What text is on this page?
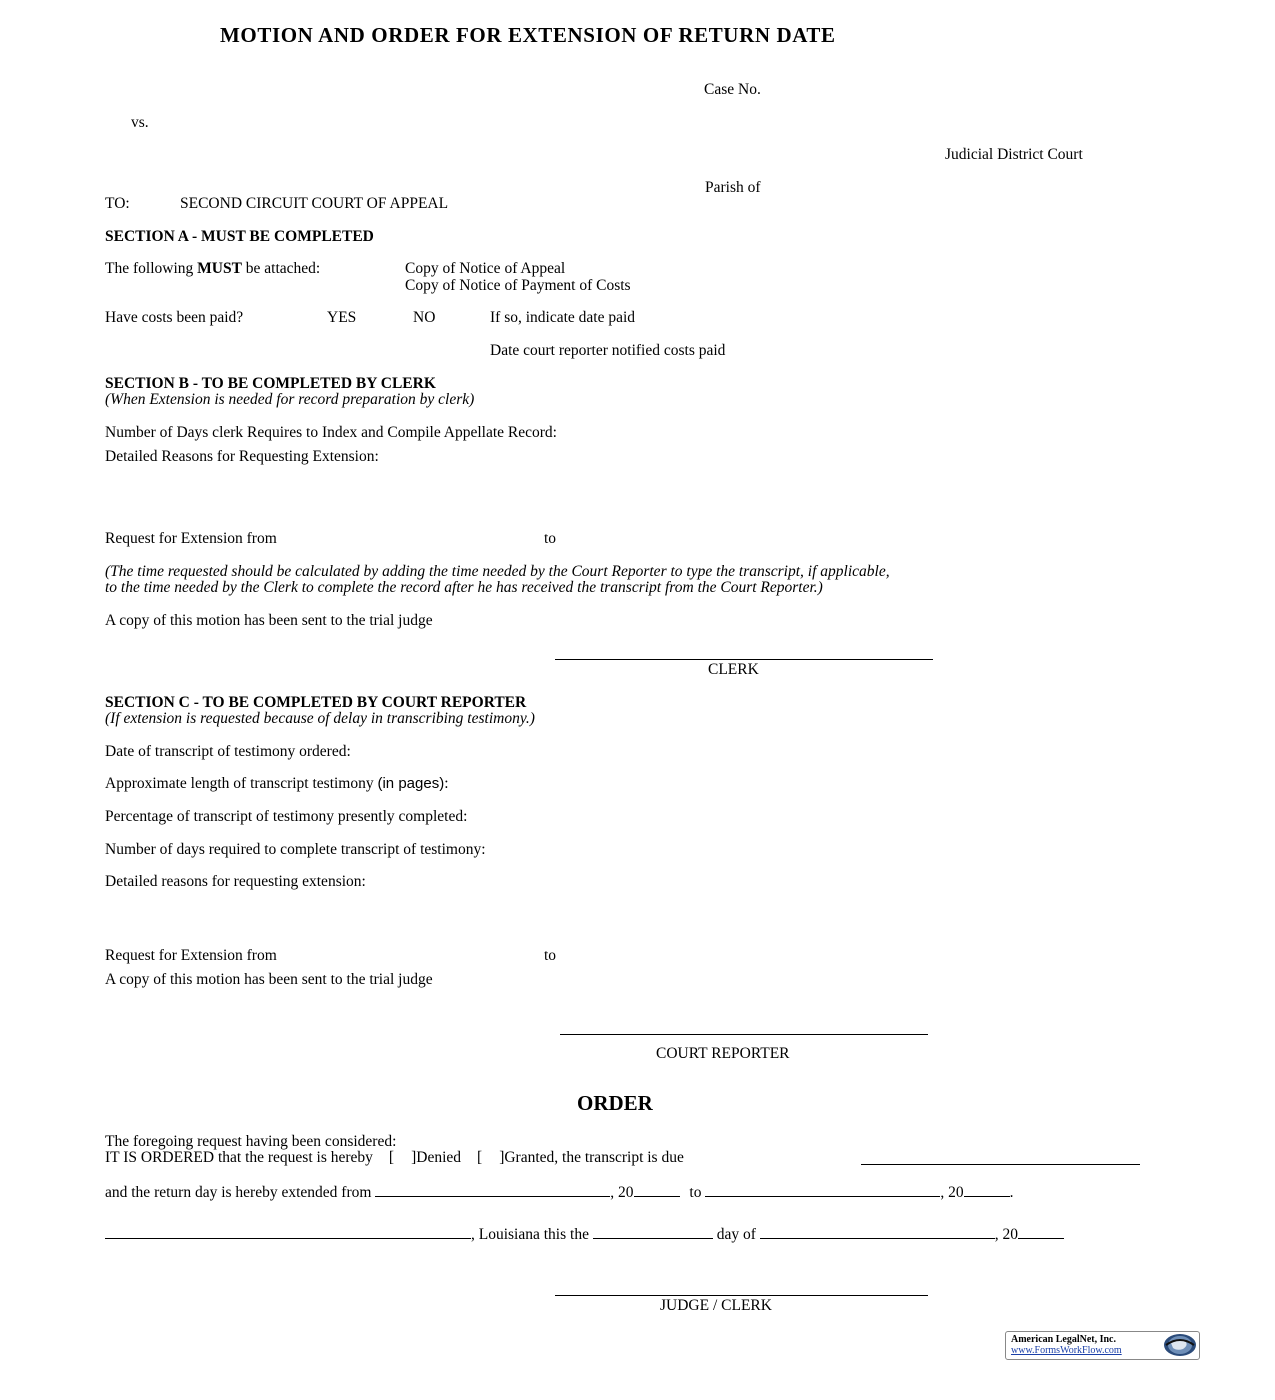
MOTION AND ORDER FOR EXTENSION OF RETURN DATE
Case No.
vs.
Judicial District Court
Parish of
TO:	SECOND CIRCUIT COURT OF APPEAL
SECTION A - MUST BE COMPLETED
The following MUST be attached:	Copy of Notice of Appeal
Copy of Notice of Payment of Costs
Have costs been paid?	YES	NO	If so, indicate date paid
Date court reporter notified costs paid
SECTION B - TO BE COMPLETED BY CLERK
(When Extension is needed for record preparation by clerk)
Number of Days clerk Requires to Index and Compile Appellate Record:
Detailed Reasons for Requesting Extension:
Request for Extension from	to
(The time requested should be calculated by adding the time needed by the Court Reporter to type the transcript, if applicable,
to the time needed by the Clerk to complete the record after he has received the transcript from the Court Reporter.)
A copy of this motion has been sent to the trial judge
CLERK
SECTION C - TO BE COMPLETED BY COURT REPORTER
(If extension is requested because of delay in transcribing testimony.)
Date of transcript of testimony ordered:
Approximate length of transcript testimony (in pages):
Percentage of transcript of testimony presently completed:
Number of days required to complete transcript of testimony:
Detailed reasons for requesting extension:
Request for Extension from	to
A copy of this motion has been sent to the trial judge
COURT REPORTER
ORDER
The foregoing request having been considered:
IT IS ORDERED that the request is hereby [ ]Denied [ ]Granted, the transcript is due
and the return day is hereby extended from	, 20	to	, 20	.
, Louisiana this the	day of	, 20
JUDGE / CLERK
American LegalNet, Inc.
www.FormsWorkFlow.com
